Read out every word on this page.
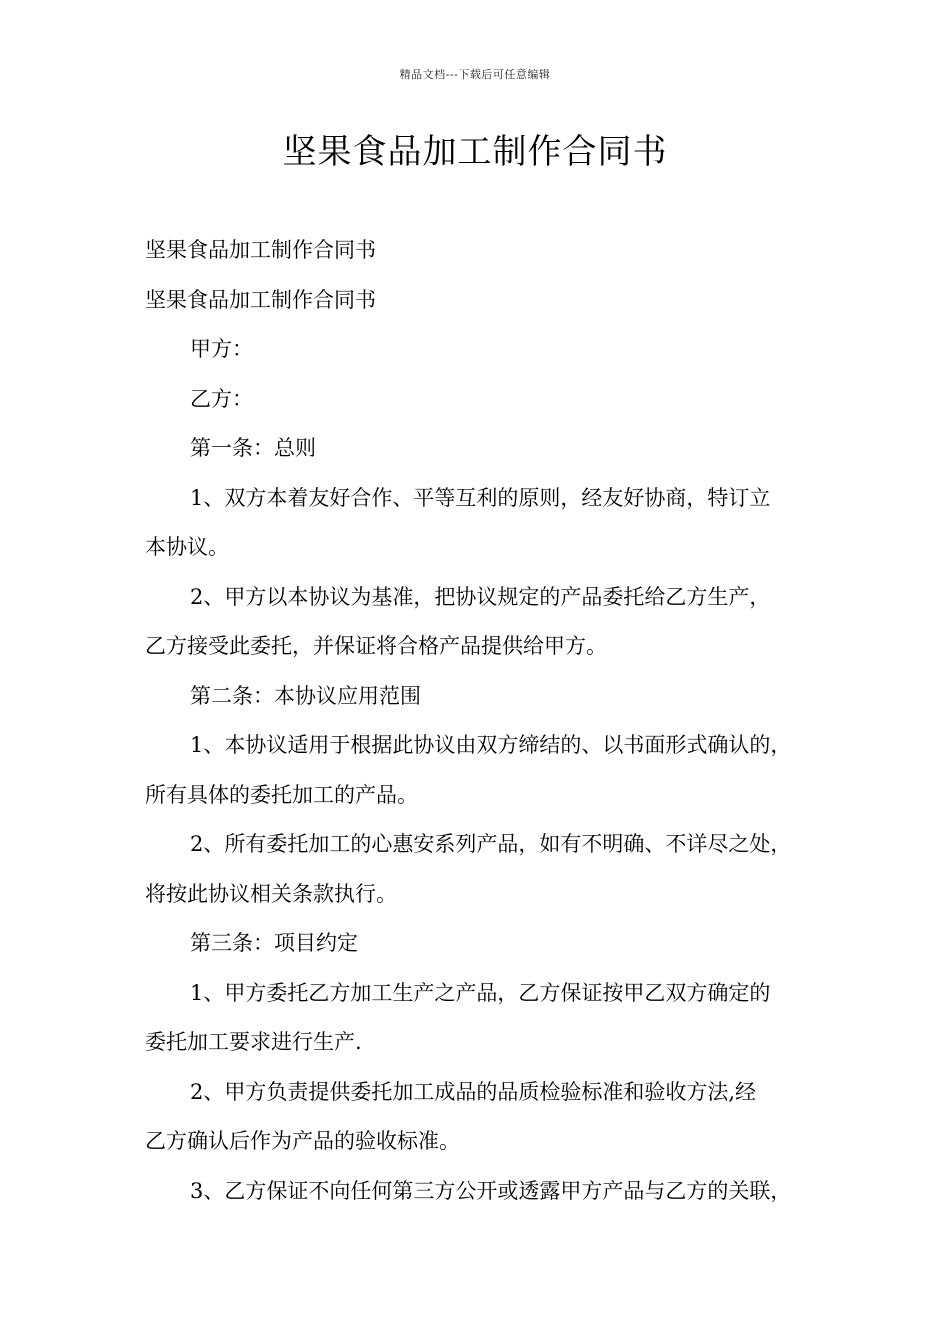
精品文档---下载后可任意编辑
坚果食品加工制作合同书
坚果食品加工制作合同书
坚果食品加工制作合同书
甲方：
乙方：
第一条：总则
1、双方本着友好合作、平等互利的原则，经友好协商，特订立
本协议。
2、甲方以本协议为基准，把协议规定的产品委托给乙方生产，
乙方接受此委托，并保证将合格产品提供给甲方。
第二条：本协议应用范围
1、本协议适用于根据此协议由双方缔结的、以书面形式确认的，
所有具体的委托加工的产品。
2、所有委托加工的心惠安系列产品，如有不明确、不详尽之处，
将按此协议相关条款执行。
第三条：项目约定
1、甲方委托乙方加工生产之产品，乙方保证按甲乙双方确定的
委托加工要求进行生产.
2、甲方负责提供委托加工成品的品质检验标准和验收方法,经
乙方确认后作为产品的验收标准。
3、乙方保证不向任何第三方公开或透露甲方产品与乙方的关联，
